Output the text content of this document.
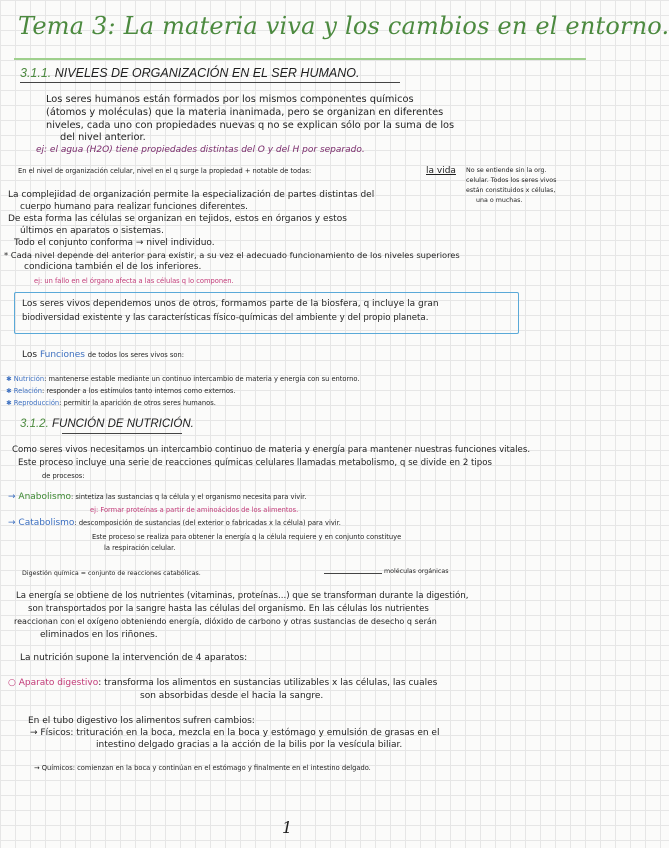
Tema 3: La materia viva y los cambios en el entorno.
3.1.1. NIVELES DE ORGANIZACIÓN EN EL SER HUMANO.
Los seres humanos están formados por los mismos componentes químicos
(átomos y moléculas) que la materia inanimada, pero se organizan en diferentes
niveles, cada uno con propiedades nuevas q no se explican sólo por la suma de los
del nivel anterior.
ej: el agua (H2O) tiene propiedades distintas del O y del H por separado.
En el nivel de organización celular, nivel en el q surge la propiedad + notable de todas:	la vida No se entiende sin la org.
celular. Todos los seres vivos
están constituidos x células,
una o muchas.
La complejidad de organización permite la especialización de partes distintas del
cuerpo humano para realizar funciones diferentes.
De esta forma las células se organizan en tejidos, estos en órganos y estos
últimos en aparatos o sistemas.
Todo el conjunto conforma → nivel individuo.
* Cada nivel depende del anterior para existir, a su vez el adecuado funcionamiento de los niveles superiores
condiciona también el de los inferiores.
ej: un fallo en el órgano afecta a las células q lo componen.
Los seres vivos dependemos unos de otros, formamos parte de la biosfera, q incluye la gran
biodiversidad existente y las características físico-químicas del ambiente y del propio planeta.
Los Funciones de todos los seres vivos son:
✱ Nutrición: mantenerse estable mediante un continuo intercambio de materia y energía con su entorno.
✱ Relación: responder a los estímulos tanto internos como externos.
✱ Reproducción: permitir la aparición de otros seres humanos.
3.1.2. FUNCIÓN DE NUTRICIÓN.
Como seres vivos necesitamos un intercambio continuo de materia y energía para mantener nuestras funciones vitales.
Este proceso incluye una serie de reacciones químicas celulares llamadas metabolismo, q se divide en 2 tipos
de procesos:
→ Anabolismo: sintetiza las sustancias q la célula y el organismo necesita para vivir.
ej: Formar proteínas a partir de aminoácidos de los alimentos.
→ Catabolismo: descomposición de sustancias (del exterior o fabricadas x la célula) para vivir.
Este proceso se realiza para obtener la energía q la célula requiere y en conjunto constituye
la respiración celular.
Digestión química = conjunto de reacciones catabólicas.	moléculas orgánicas
La energía se obtiene de los nutrientes (vitaminas, proteínas...) que se transforman durante la digestión,
son transportados por la sangre hasta las células del organismo. En las células los nutrientes
reaccionan con el oxígeno obteniendo energía, dióxido de carbono y otras sustancias de desecho q serán
eliminados en los riñones.
La nutrición supone la intervención de 4 aparatos:
○ Aparato digestivo: transforma los alimentos en sustancias utilizables x las células, las cuales
son absorbidas desde el hacia la sangre.
En el tubo digestivo los alimentos sufren cambios:
→ Físicos: trituración en la boca, mezcla en la boca y estómago y emulsión de grasas en el
intestino delgado gracias a la acción de la bilis por la vesícula biliar.
→ Químicos: comienzan en la boca y continúan en el estómago y finalmente en el intestino delgado.
1
